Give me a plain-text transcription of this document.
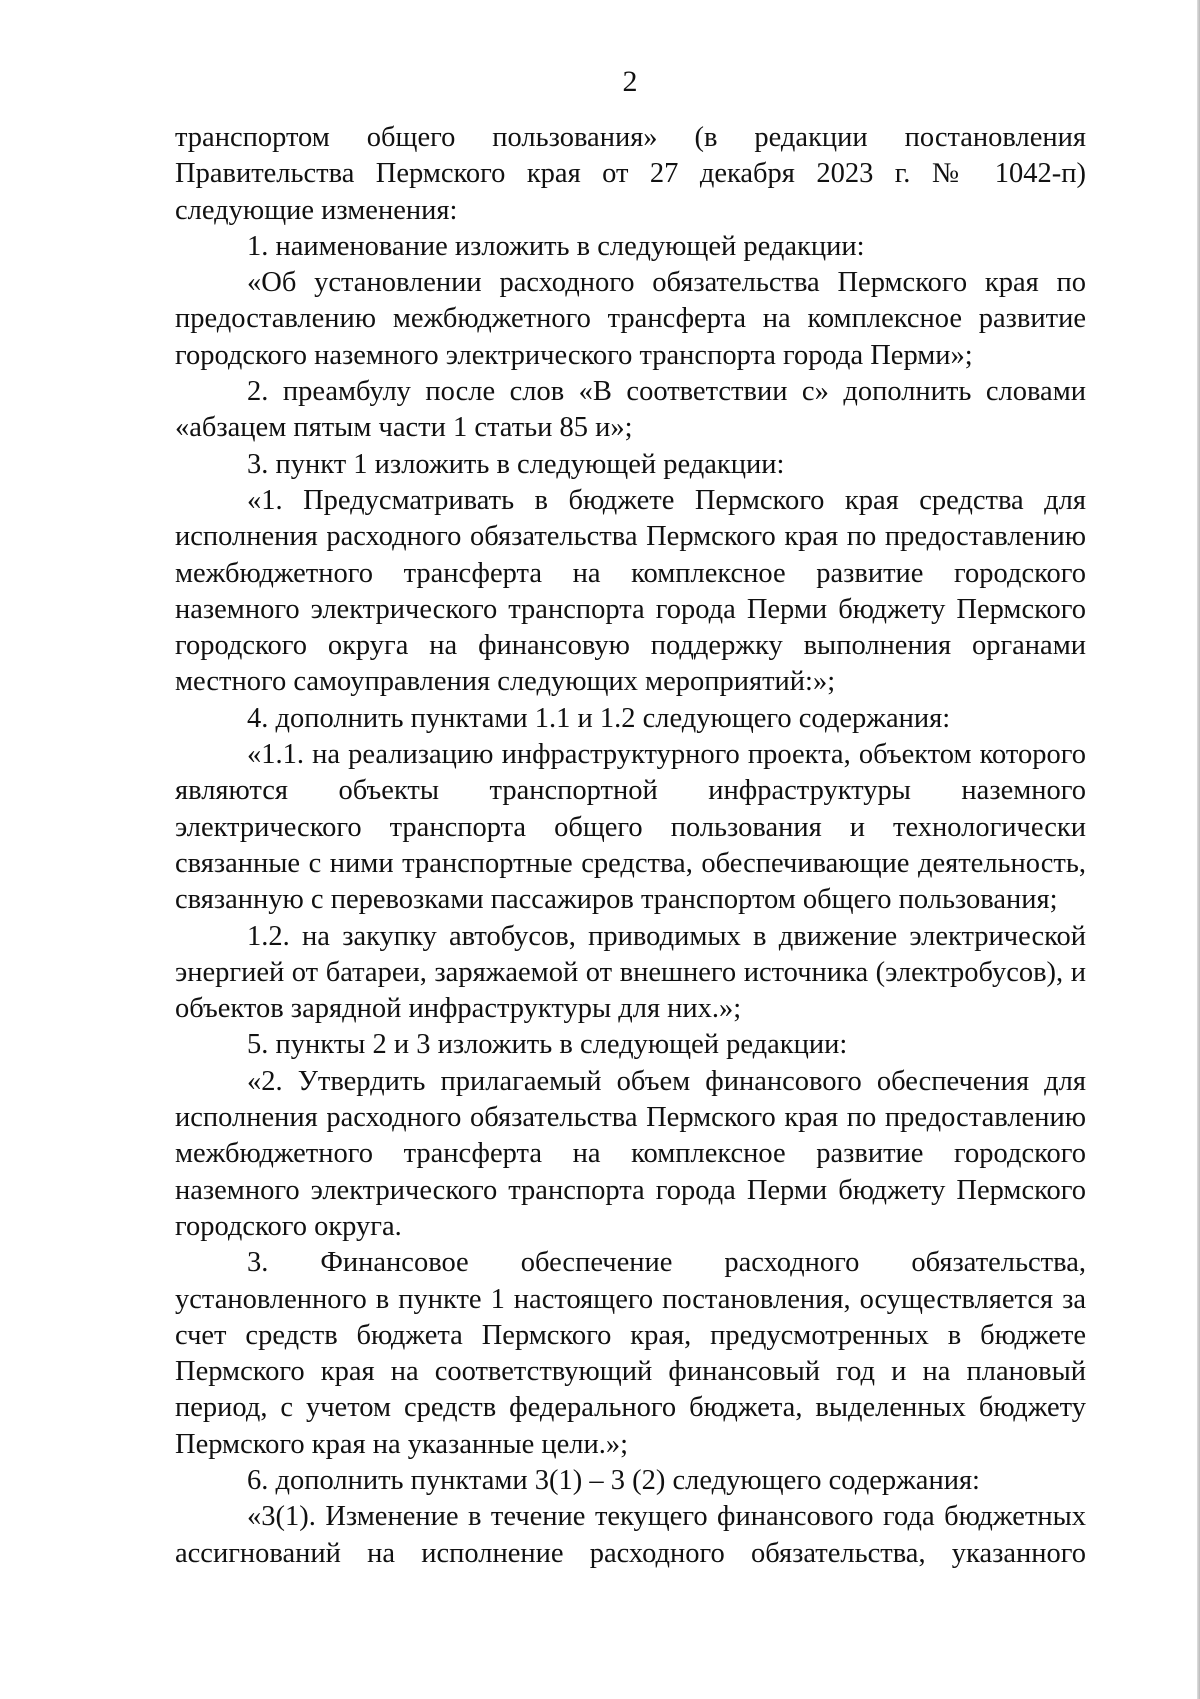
2

транспортом общего пользования» (в редакции постановления Правительства Пермского края от 27 декабря 2023 г. № 1042-п) следующие изменения:

1. наименование изложить в следующей редакции:

«Об установлении расходного обязательства Пермского края по предоставлению межбюджетного трансферта на комплексное развитие городского наземного электрического транспорта города Перми»;

2. преамбулу после слов «В соответствии с» дополнить словами «абзацем пятым части 1 статьи 85 и»;

3. пункт 1 изложить в следующей редакции:

«1. Предусматривать в бюджете Пермского края средства для исполнения расходного обязательства Пермского края по предоставлению межбюджетного трансферта на комплексное развитие городского наземного электрического транспорта города Перми бюджету Пермского городского округа на финансовую поддержку выполнения органами местного самоуправления следующих мероприятий:»;

4. дополнить пунктами 1.1 и 1.2 следующего содержания:

«1.1. на реализацию инфраструктурного проекта, объектом которого являются объекты транспортной инфраструктуры наземного электрического транспорта общего пользования и технологически связанные с ними транспортные средства, обеспечивающие деятельность, связанную с перевозками пассажиров транспортом общего пользования;

1.2. на закупку автобусов, приводимых в движение электрической энергией от батареи, заряжаемой от внешнего источника (электробусов), и объектов зарядной инфраструктуры для них.»;

5. пункты 2 и 3 изложить в следующей редакции:

«2. Утвердить прилагаемый объем финансового обеспечения для исполнения расходного обязательства Пермского края по предоставлению межбюджетного трансферта на комплексное развитие городского наземного электрического транспорта города Перми бюджету Пермского городского округа.

3. Финансовое обеспечение расходного обязательства, установленного в пункте 1 настоящего постановления, осуществляется за счет средств бюджета Пермского края, предусмотренных в бюджете Пермского края на соответствующий финансовый год и на плановый период, с учетом средств федерального бюджета, выделенных бюджету Пермского края на указанные цели.»;

6. дополнить пунктами 3(1) – 3 (2) следующего содержания:

«3(1). Изменение в течение текущего финансового года бюджетных ассигнований на исполнение расходного обязательства, указанного
